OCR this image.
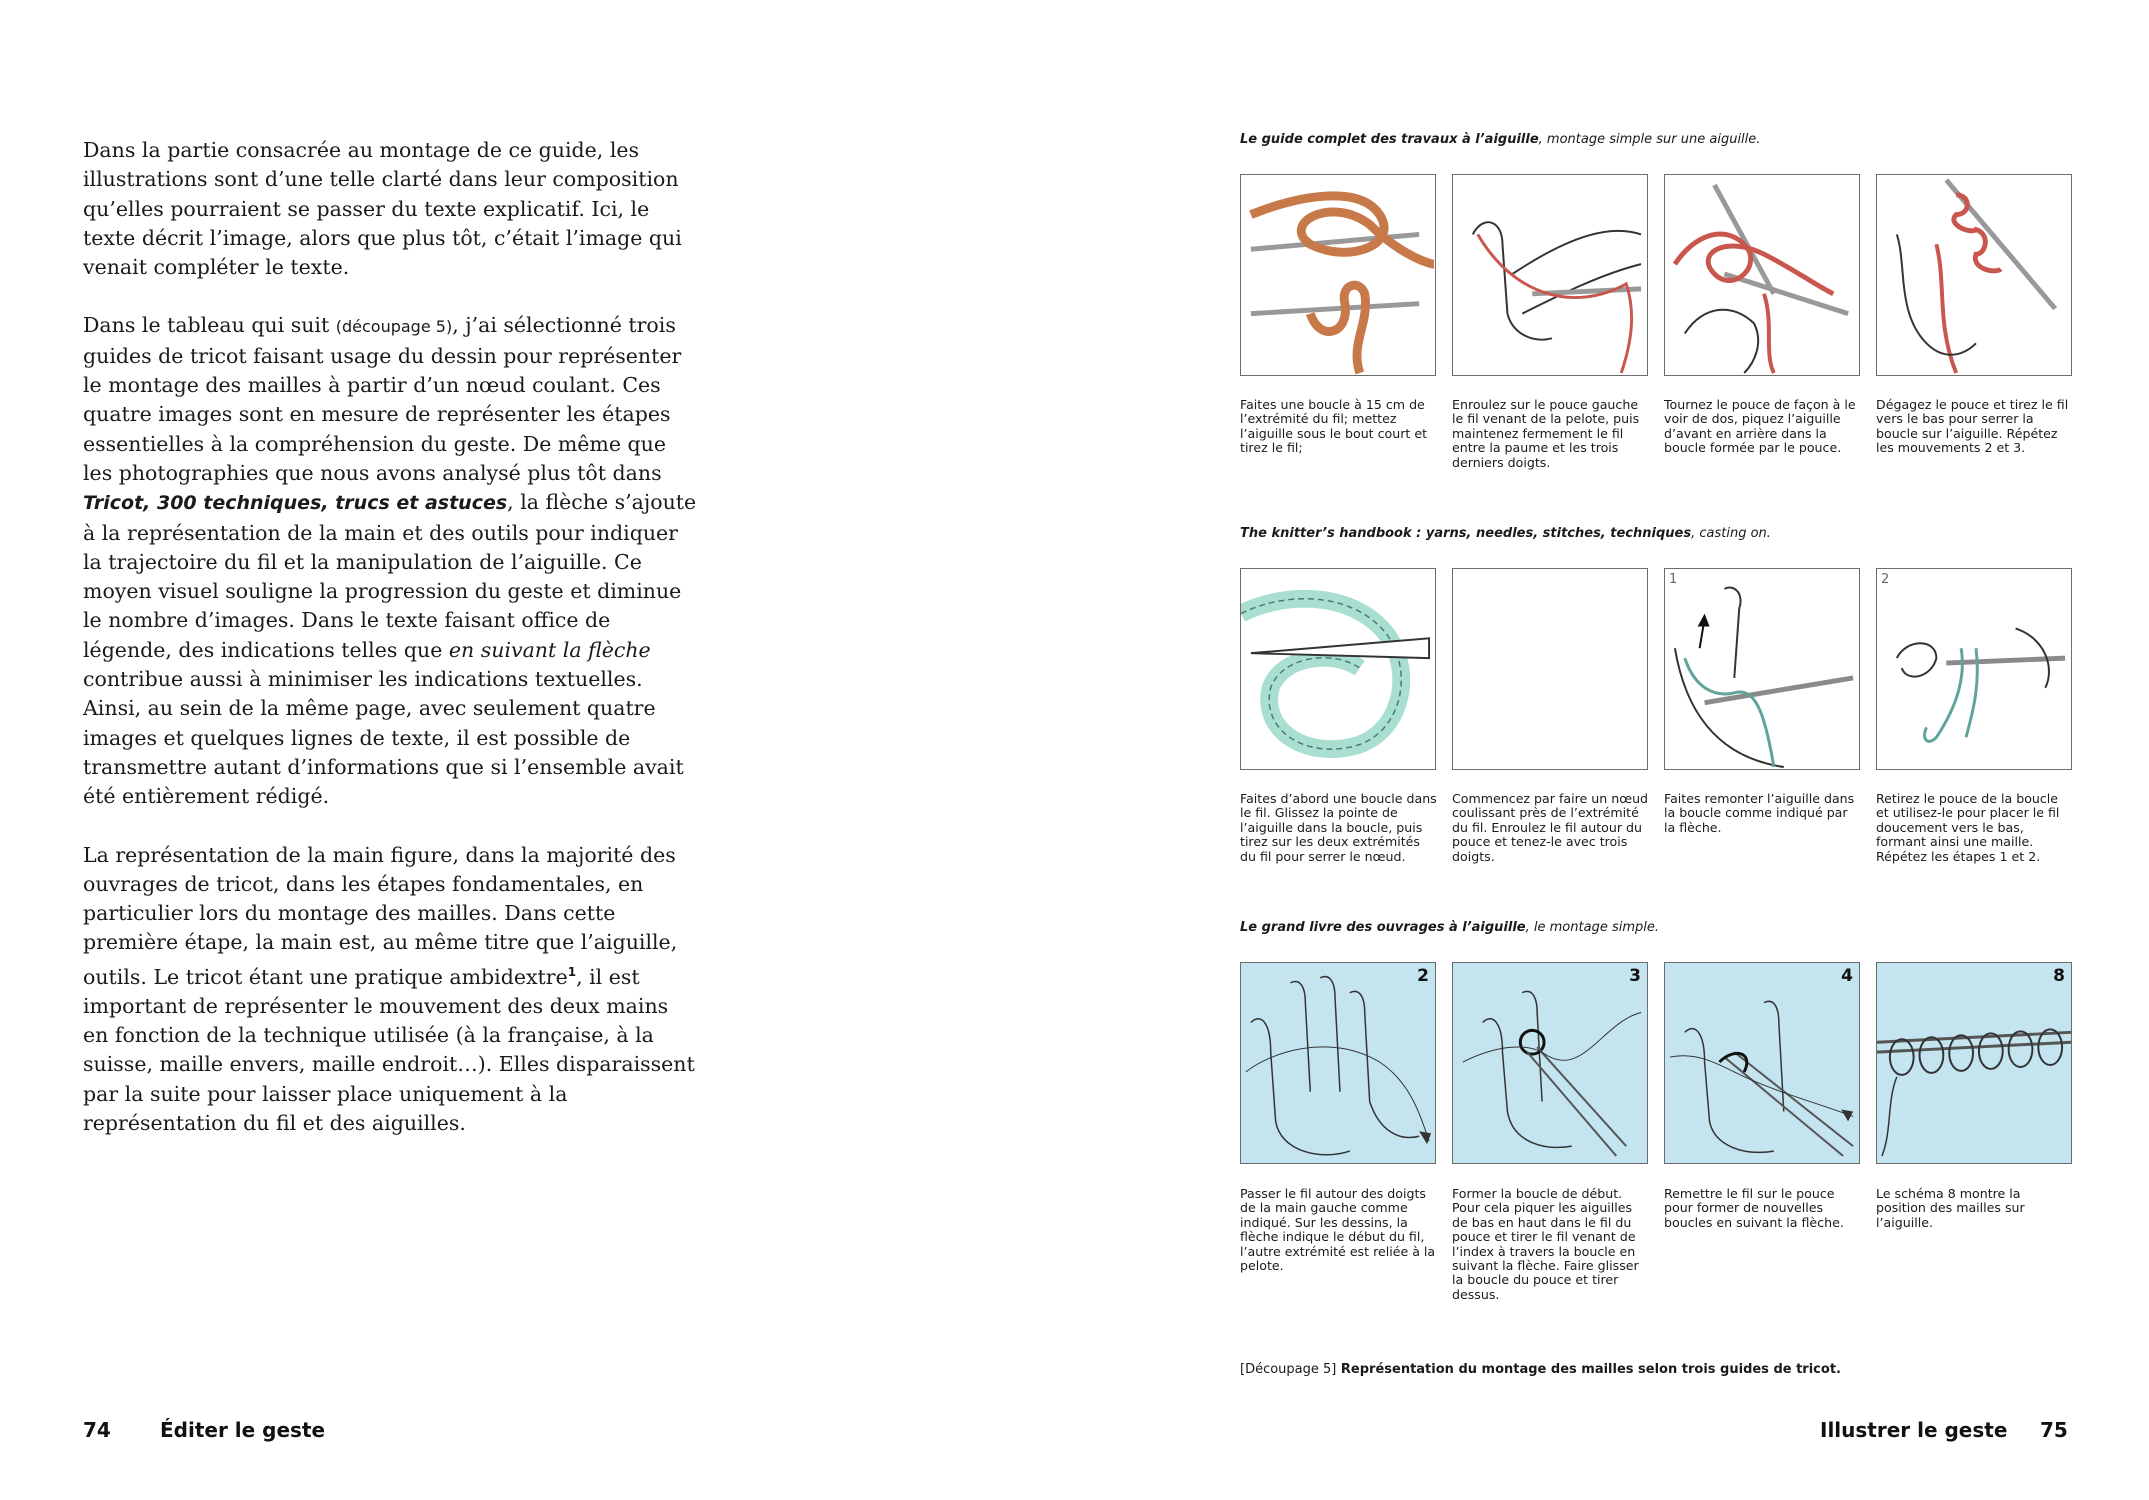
Dans la partie consacrée au montage de ce guide, les illustrations sont d’une telle clarté dans leur composition qu’elles pourraient se passer du texte explicatif. Ici, le texte décrit l’image, alors que plus tôt, c’était l’image qui venait compléter le texte.

Dans le tableau qui suit (découpage 5), j’ai sélectionné trois guides de tricot faisant usage du dessin pour représenter le montage des mailles à partir d’un nœud coulant. Ces quatre images sont en mesure de représenter les étapes essentielles à la compréhension du geste. De même que les photographies que nous avons analysé plus tôt dans Tricot, 300 techniques, trucs et astuces, la flèche s’ajoute à la représentation de la main et des outils pour indiquer la trajectoire du fil et la manipulation de l’aiguille. Ce moyen visuel souligne la progression du geste et diminue le nombre d’images. Dans le texte faisant office de légende, des indications telles que en suivant la flèche contribue aussi à minimiser les indications textuelles. Ainsi, au sein de la même page, avec seulement quatre images et quelques lignes de texte, il est possible de transmettre autant d’informations que si l’ensemble avait été entièrement rédigé.

La représentation de la main figure, dans la majorité des ouvrages de tricot, dans les étapes fondamentales, en particulier lors du montage des mailles. Dans cette première étape, la main est, au même titre que l’aiguille, outils. Le tricot étant une pratique ambidextre$^1$, il est important de représenter le mouvement des deux mains en fonction de la technique utilisée (à la française, à la suisse, maille envers, maille endroit…). Elles disparaissent par la suite pour laisser place uniquement à la représentation du fil et des aiguilles.

74 Éditer le geste
Le guide complet des travaux à l’aiguille, montage simple sur une aiguille.
Faites une boucle à 15 cm de l’extrémité du fil; mettez l’aiguille sous le bout court et tirez le fil;
Enroulez sur le pouce gauche le fil venant de la pelote, puis maintenez fermement le fil entre la paume et les trois derniers doigts.
Tournez le pouce de façon à le voir de dos, piquez l’aiguille d’avant en arrière dans la boucle formée par le pouce.
Dégagez le pouce et tirez le fil vers le bas pour serrer la boucle sur l’aiguille. Répétez les mouvements 2 et 3.
The knitter’s handbook : yarns, needles, stitches, techniques, casting on.
1	2
Faites d’abord une boucle dans le fil. Glissez la pointe de l’aiguille dans la boucle, puis tirez sur les deux extrémités du fil pour serrer le nœud.
Commencez par faire un nœud coulissant près de l’extrémité du fil. Enroulez le fil autour du pouce et tenez-le avec trois doigts.
Faites remonter l’aiguille dans la boucle comme indiqué par la flèche.
Retirez le pouce de la boucle et utilisez-le pour placer le fil doucement vers le bas, formant ainsi une maille. Répétez les étapes 1 et 2.
Le grand livre des ouvrages à l’aiguille, le montage simple.
2	3	4	8
Passer le fil autour des doigts de la main gauche comme indiqué. Sur les dessins, la flèche indique le début du fil, l’autre extrémité est reliée à la pelote.
Former la boucle de début. Pour cela piquer les aiguilles de bas en haut dans le fil du pouce et tirer le fil venant de l’index à travers la boucle en suivant la flèche. Faire glisser la boucle du pouce et tirer dessus.
Remettre le fil sur le pouce pour former de nouvelles boucles en suivant la flèche.
Le schéma 8 montre la position des mailles sur l’aiguille.
[Découpage 5] Représentation du montage des mailles selon trois guides de tricot.
Illustrer le geste 75
